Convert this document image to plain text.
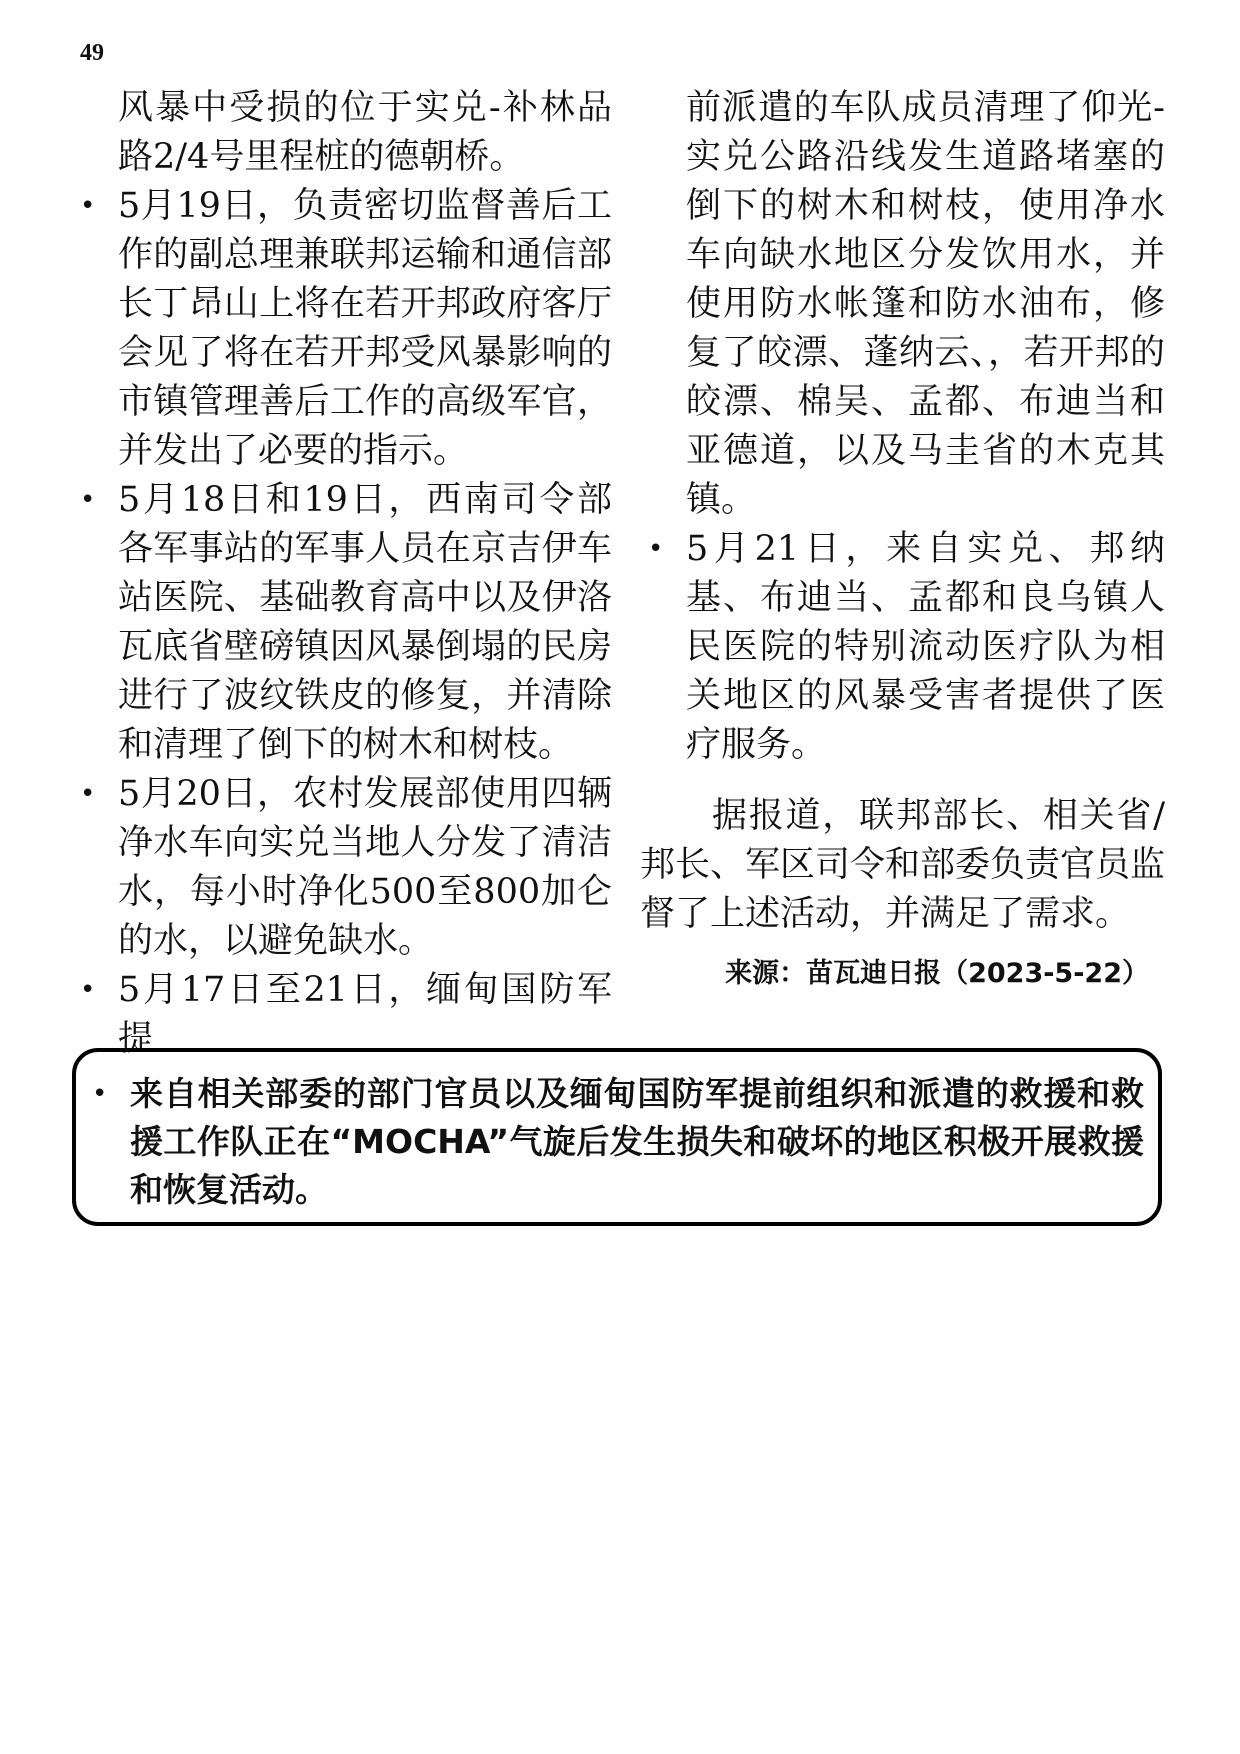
49

风暴中受损的位于实兑-补林品路2/4号里程桩的德朝桥。

• 5月19日，负责密切监督善后工作的副总理兼联邦运输和通信部长丁昂山上将在若开邦政府客厅会见了将在若开邦受风暴影响的市镇管理善后工作的高级军官，并发出了必要的指示。

• 5月18日和19日，西南司令部各军事站的军事人员在京吉伊车站医院、基础教育高中以及伊洛瓦底省壁磅镇因风暴倒塌的民房进行了波纹铁皮的修复，并清除和清理了倒下的树木和树枝。

• 5月20日，农村发展部使用四辆净水车向实兑当地人分发了清洁水，每小时净化500至800加仑的水，以避免缺水。

• 5月17日至21日，缅甸国防军提

前派遣的车队成员清理了仰光-实兑公路沿线发生道路堵塞的倒下的树木和树枝，使用净水车向缺水地区分发饮用水，并使用防水帐篷和防水油布，修复了皎漂、蓬纳云、，若开邦的皎漂、棉吴、孟都、布迪当和亚德道，以及马圭省的木克其镇。

• 5月21日，来自实兑、邦纳基、布迪当、孟都和良乌镇人民医院的特别流动医疗队为相关地区的风暴受害者提供了医疗服务。

据报道，联邦部长、相关省/邦长、军区司令和部委负责官员监督了上述活动，并满足了需求。

来源：苗瓦迪日报（2023-5-22）
• 来自相关部委的部门官员以及缅甸国防军提前组织和派遣的救援和救援工作队正在“MOCHA”气旋后发生损失和破坏的地区积极开展救援和恢复活动。
